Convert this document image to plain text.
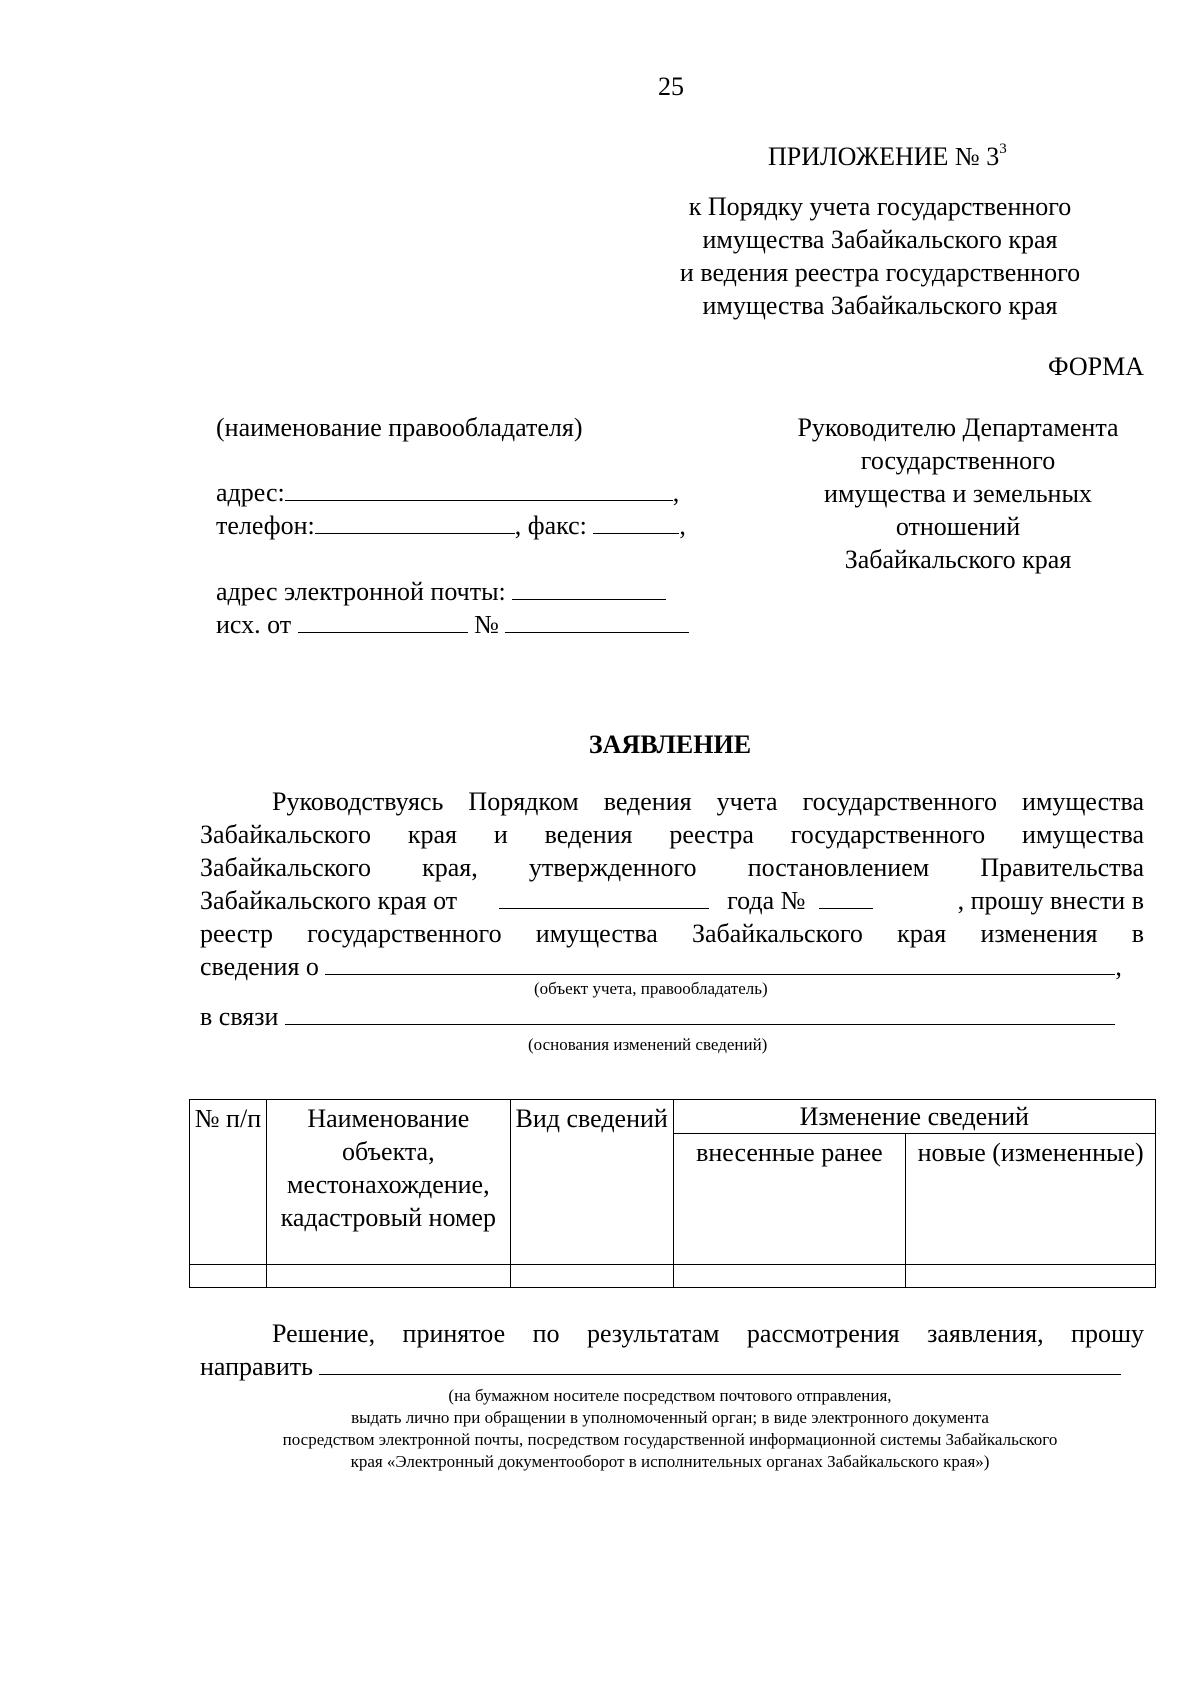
25
ПРИЛОЖЕНИЕ № $3^3$
к Порядку учета государственного
имущества Забайкальского края
и ведения реестра государственного
имущества Забайкальского края
ФОРМА
(наименование правообладателя)
адрес:	,
телефон:	, факс:	,
адрес электронной почты:
исх. от	№
Руководителю Департамента
государственного
имущества и земельных
отношений
Забайкальского края
ЗАЯВЛЕНИЕ
Руководствуясь Порядком ведения учета государственного имущества
Забайкальского края и ведения реестра государственного имущества
Забайкальского края, утвержденного постановлением Правительства
Забайкальского края от	года №	, прошу внести в
реестр государственного имущества Забайкальского края изменения в
сведения о	,
(объект учета, правообладатель)
в связи
(основания изменений сведений)
№ п/п	Наименование объекта, местонахождение, кадастровый номер	Вид сведений	Изменение сведений	
			внесенные ранее	новые (измененные)

Решение, принятое по результатам рассмотрения заявления, прошу
направить
(на бумажном носителе посредством почтового отправления,
выдать лично при обращении в уполномоченный орган; в виде электронного документа
посредством электронной почты, посредством государственной информационной системы Забайкальского
края «Электронный документооборот в исполнительных органах Забайкальского края»)
